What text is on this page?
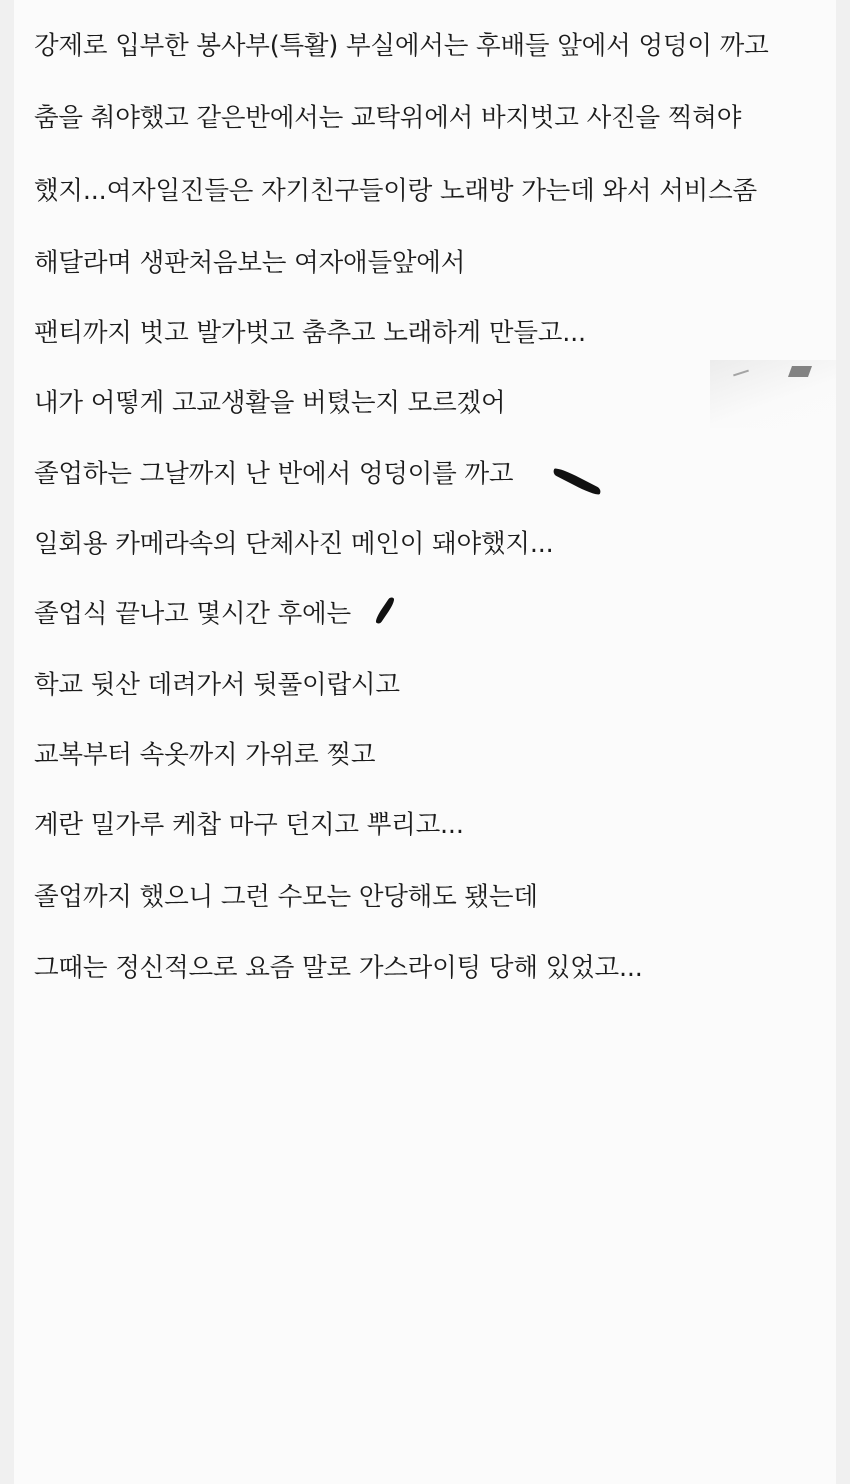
강제로 입부한 봉사부(특활) 부실에서는 후배들 앞에서 엉덩이 까고

춤을 춰야했고 같은반에서는 교탁위에서 바지벗고 사진을 찍혀야

했지...여자일진들은 자기친구들이랑 노래방 가는데 와서 서비스좀

해달라며 생판처음보는 여자애들앞에서

팬티까지 벗고 발가벗고 춤추고 노래하게 만들고...

내가 어떻게 고교생활을 버텼는지 모르겠어

졸업하는 그날까지 난 반에서 엉덩이를 까고

일회용 카메라속의 단체사진 메인이 돼야했지...

졸업식 끝나고 몇시간 후에는

학교 뒷산 데려가서 뒷풀이랍시고

교복부터 속옷까지 가위로 찢고

계란 밀가루 케찹 마구 던지고 뿌리고...

졸업까지 했으니 그런 수모는 안당해도 됐는데

그때는 정신적으로 요즘 말로 가스라이팅 당해 있었고...
